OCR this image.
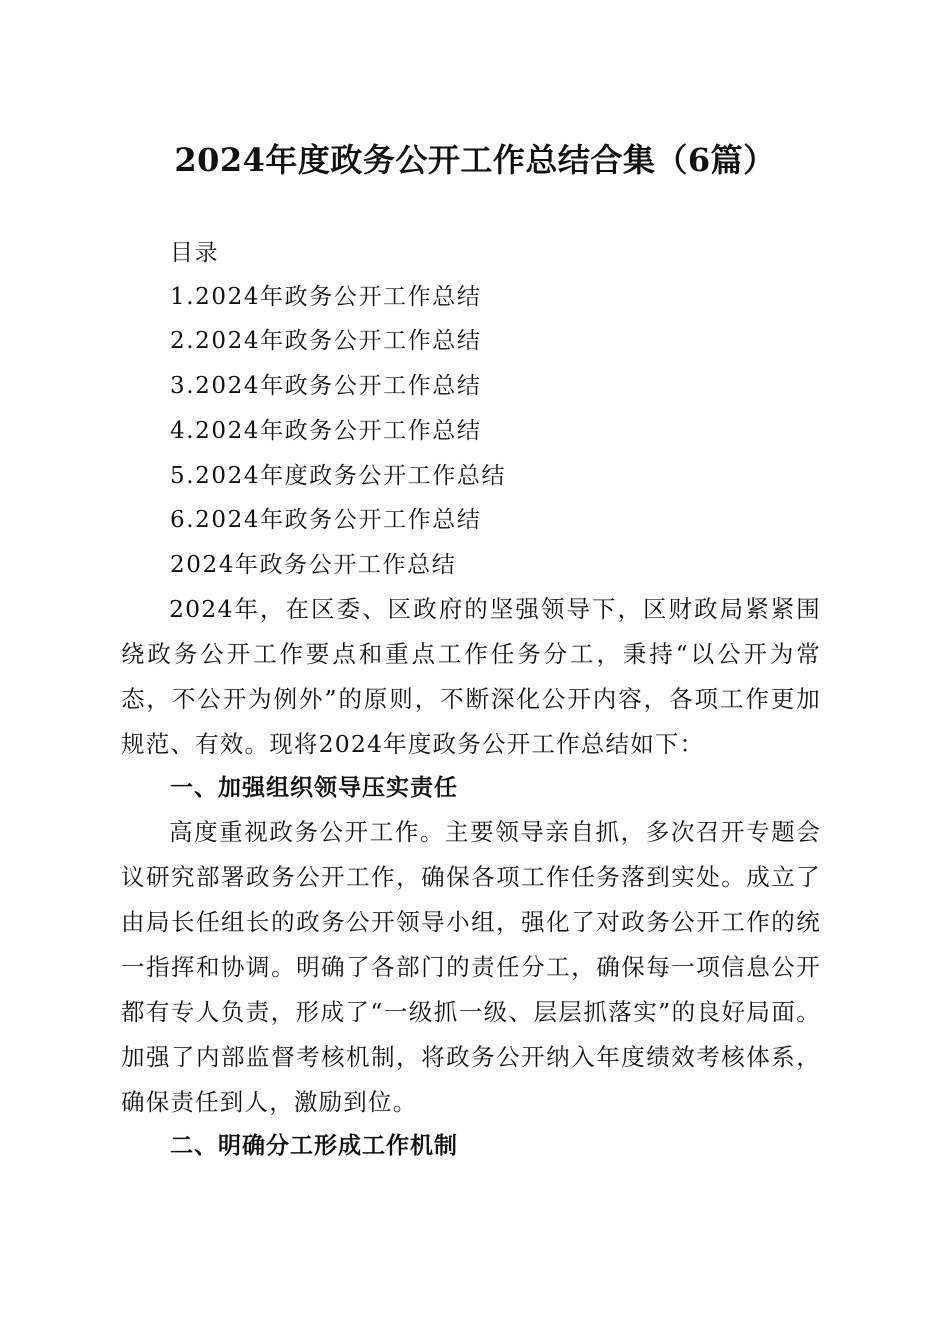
2024年度政务公开工作总结合集（6篇）
目录
1.2024年政务公开工作总结
2.2024年政务公开工作总结
3.2024年政务公开工作总结
4.2024年政务公开工作总结
5.2024年度政务公开工作总结
6.2024年政务公开工作总结
2024年政务公开工作总结

2024年，在区委、区政府的坚强领导下，区财政局紧紧围绕政务公开工作要点和重点工作任务分工，秉持“以公开为常态，不公开为例外”的原则，不断深化公开内容，各项工作更加规范、有效。现将2024年度政务公开工作总结如下：

一、加强组织领导压实责任

高度重视政务公开工作。主要领导亲自抓，多次召开专题会议研究部署政务公开工作，确保各项工作任务落到实处。成立了由局长任组长的政务公开领导小组，强化了对政务公开工作的统一指挥和协调。明确了各部门的责任分工，确保每一项信息公开都有专人负责，形成了“一级抓一级、层层抓落实”的良好局面。加强了内部监督考核机制，将政务公开纳入年度绩效考核体系，确保责任到人，激励到位。

二、明确分工形成工作机制
